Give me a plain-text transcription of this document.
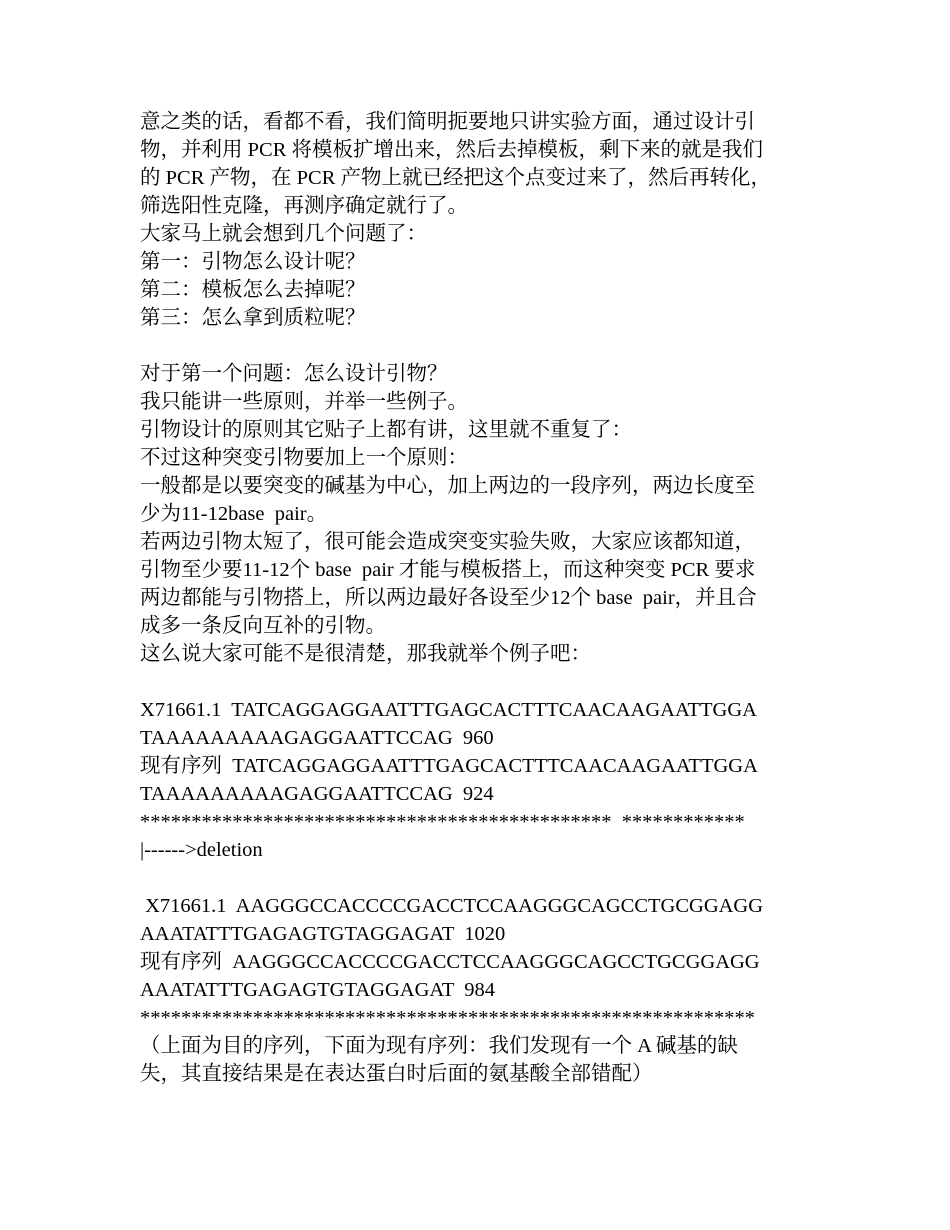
意之类的话，看都不看，我们简明扼要地只讲实验方面，通过设计引
物，并利用 PCR 将模板扩增出来，然后去掉模板，剩下来的就是我们
的 PCR 产物，在 PCR 产物上就已经把这个点变过来了，然后再转化，
筛选阳性克隆，再测序确定就行了。
大家马上就会想到几个问题了：
第一：引物怎么设计呢？
第二：模板怎么去掉呢？
第三：怎么拿到质粒呢？
对于第一个问题：怎么设计引物？
我只能讲一些原则，并举一些例子。
引物设计的原则其它贴子上都有讲，这里就不重复了：
不过这种突变引物要加上一个原则：
一般都是以要突变的碱基为中心，加上两边的一段序列，两边长度至
少为11-12base  pair。
若两边引物太短了，很可能会造成突变实验失败，大家应该都知道，
引物至少要11-12个 base  pair 才能与模板搭上，而这种突变 PCR 要求
两边都能与引物搭上，所以两边最好各设至少12个 base  pair，并且合
成多一条反向互补的引物。
这么说大家可能不是很清楚，那我就举个例子吧：
X71661.1  TATCAGGAGGAATTTGAGCACTTTCAACAAGAATTGGA
TAAAAAAAAAGAGGAATTCCAG  960
现有序列  TATCAGGAGGAATTTGAGCACTTTCAACAAGAATTGGA
TAAAAAAAAAGAGGAATTCCAG  924
**********************************************  ************
|------>deletion
X71661.1  AAGGGCCACCCCGACCTCCAAGGGCAGCCTGCGGAGG
AAATATTTGAGAGTGTAGGAGAT  1020
现有序列  AAGGGCCACCCCGACCTCCAAGGGCAGCCTGCGGAGG
AAATATTTGAGAGTGTAGGAGAT  984
************************************************************
（上面为目的序列，下面为现有序列：我们发现有一个 A 碱基的缺
失，其直接结果是在表达蛋白时后面的氨基酸全部错配）
